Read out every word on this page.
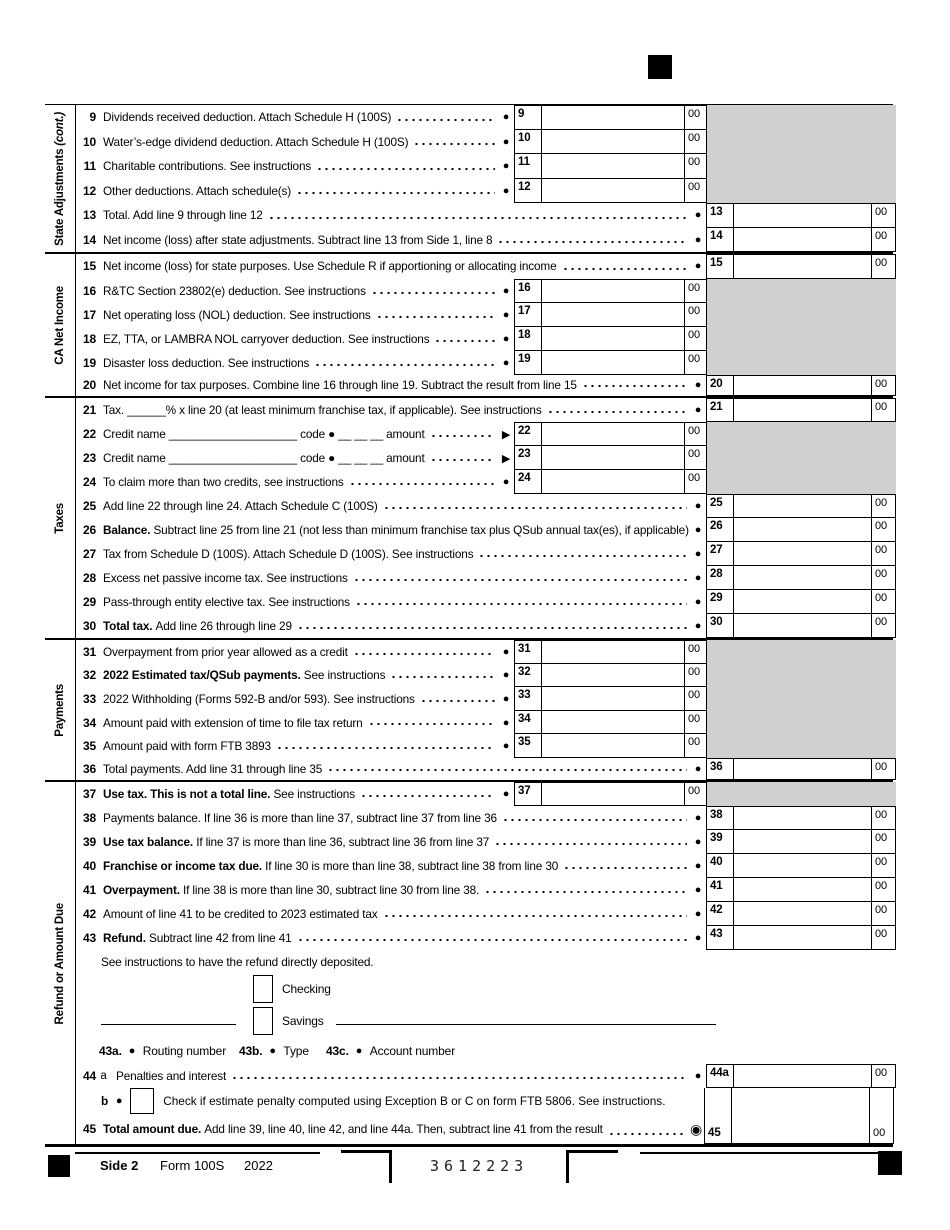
State Adjustments (cont.)	9 Dividends received deduction. Attach Schedule H (100S)	● 9	00
10 Water’s-edge dividend deduction. Attach Schedule H (100S)	● 10	00
11 Charitable contributions. See instructions	● 11	00
12 Other deductions. Attach schedule(s)	● 12	00
13 Total. Add line 9 through line 12	● 13	00
14 Net income (loss) after state adjustments. Subtract line 13 from Side 1, line 8	● 14	00
CA Net Income
15 Net income (loss) for state purposes. Use Schedule R if apportioning or allocating income	● 15	00
16 R&TC Section 23802(e) deduction. See instructions	● 16	00
17 Net operating loss (NOL) deduction. See instructions	● 17	00
18 EZ, TTA, or LAMBRA NOL carryover deduction. See instructions	● 18	00
19 Disaster loss deduction. See instructions	● 19	00
20 Net income for tax purposes. Combine line 16 through line 19. Subtract the result from line 15	● 20	00
Taxes
21 Tax. ______% x line 20 (at least minimum franchise tax, if applicable). See instructions	● 21	00
22 Credit name ____________________ code ● __ __ __ amount	▶ 22	00
23 Credit name ____________________ code ● __ __ __ amount	▶ 23	00
24 To claim more than two credits, see instructions	● 24	00
25 Add line 22 through line 24. Attach Schedule C (100S)	● 25	00
26 Balance. Subtract line 25 from line 21 (not less than minimum franchise tax plus QSub annual tax(es), if applicable) ● 26	00
27 Tax from Schedule D (100S). Attach Schedule D (100S). See instructions	● 27	00
28 Excess net passive income tax. See instructions	● 28	00
29 Pass-through entity elective tax. See instructions	● 29	00
30 Total tax. Add line 26 through line 29	● 30	00
Payments
31 Overpayment from prior year allowed as a credit	● 31	00
32 2022 Estimated tax/QSub payments. See instructions	● 32	00
33 2022 Withholding (Forms 592-B and/or 593). See instructions	● 33	00
34 Amount paid with extension of time to file tax return	● 34	00
35 Amount paid with form FTB 3893	● 35	00
36 Total payments. Add line 31 through line 35	● 36	00
Refund or Amount Due
37 Use tax. This is not a total line. See instructions	● 37	00
38 Payments balance. If line 36 is more than line 37, subtract line 37 from line 36	● 38	00
39 Use tax balance. If line 37 is more than line 36, subtract line 36 from line 37	● 39	00
40 Franchise or income tax due. If line 30 is more than line 38, subtract line 38 from line 30	● 40	00
41 Overpayment. If line 38 is more than line 30, subtract line 30 from line 38.	● 41	00
42 Amount of line 41 to be credited to 2023 estimated tax	● 42	00
43 Refund. Subtract line 42 from line 41	● 43	00
See instructions to have the refund directly deposited.
Checking
Savings
43a. ● Routing number 43b. ● Type 43c. ● Account number
44 a Penalties and interest	● 44a	00
b ●	Check if estimate penalty computed using Exception B or C on form FTB 5806. See instructions.
45 Total amount due. Add line 39, line 40, line 42, and line 44a. Then, subtract line 41 from the result	◉ 45	00
Side 2 Form 100S 2022	3612223
